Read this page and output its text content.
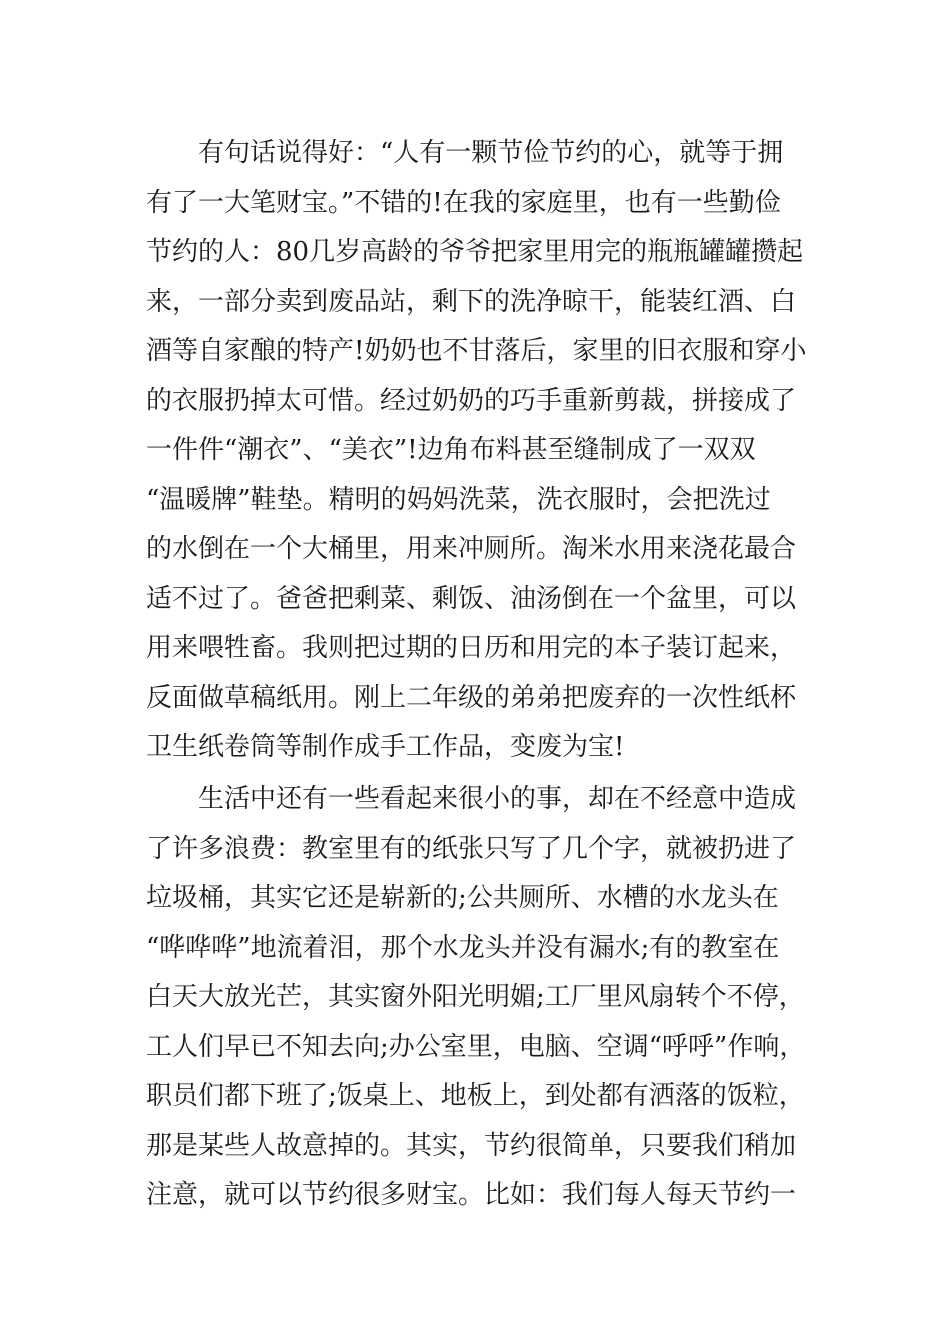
有句话说得好：“人有一颗节俭节约的心，就等于拥
有了一大笔财宝。”不错的!在我的家庭里，也有一些勤俭
节约的人：80几岁高龄的爷爷把家里用完的瓶瓶罐罐攒起
来，一部分卖到废品站，剩下的洗净晾干，能装红酒、白
酒等自家酿的特产!奶奶也不甘落后，家里的旧衣服和穿小
的衣服扔掉太可惜。经过奶奶的巧手重新剪裁，拼接成了
一件件“潮衣”、“美衣”!边角布料甚至缝制成了一双双
“温暖牌”鞋垫。精明的妈妈洗菜，洗衣服时，会把洗过
的水倒在一个大桶里，用来冲厕所。淘米水用来浇花最合
适不过了。爸爸把剩菜、剩饭、油汤倒在一个盆里，可以
用来喂牲畜。我则把过期的日历和用完的本子装订起来，
反面做草稿纸用。刚上二年级的弟弟把废弃的一次性纸杯
卫生纸卷筒等制作成手工作品，变废为宝!
生活中还有一些看起来很小的事，却在不经意中造成
了许多浪费：教室里有的纸张只写了几个字，就被扔进了
垃圾桶，其实它还是崭新的;公共厕所、水槽的水龙头在
“哗哗哗”地流着泪，那个水龙头并没有漏水;有的教室在
白天大放光芒，其实窗外阳光明媚;工厂里风扇转个不停，
工人们早已不知去向;办公室里，电脑、空调“呼呼”作响，
职员们都下班了;饭桌上、地板上，到处都有洒落的饭粒，
那是某些人故意掉的。其实，节约很简单，只要我们稍加
注意，就可以节约很多财宝。比如：我们每人每天节约一
